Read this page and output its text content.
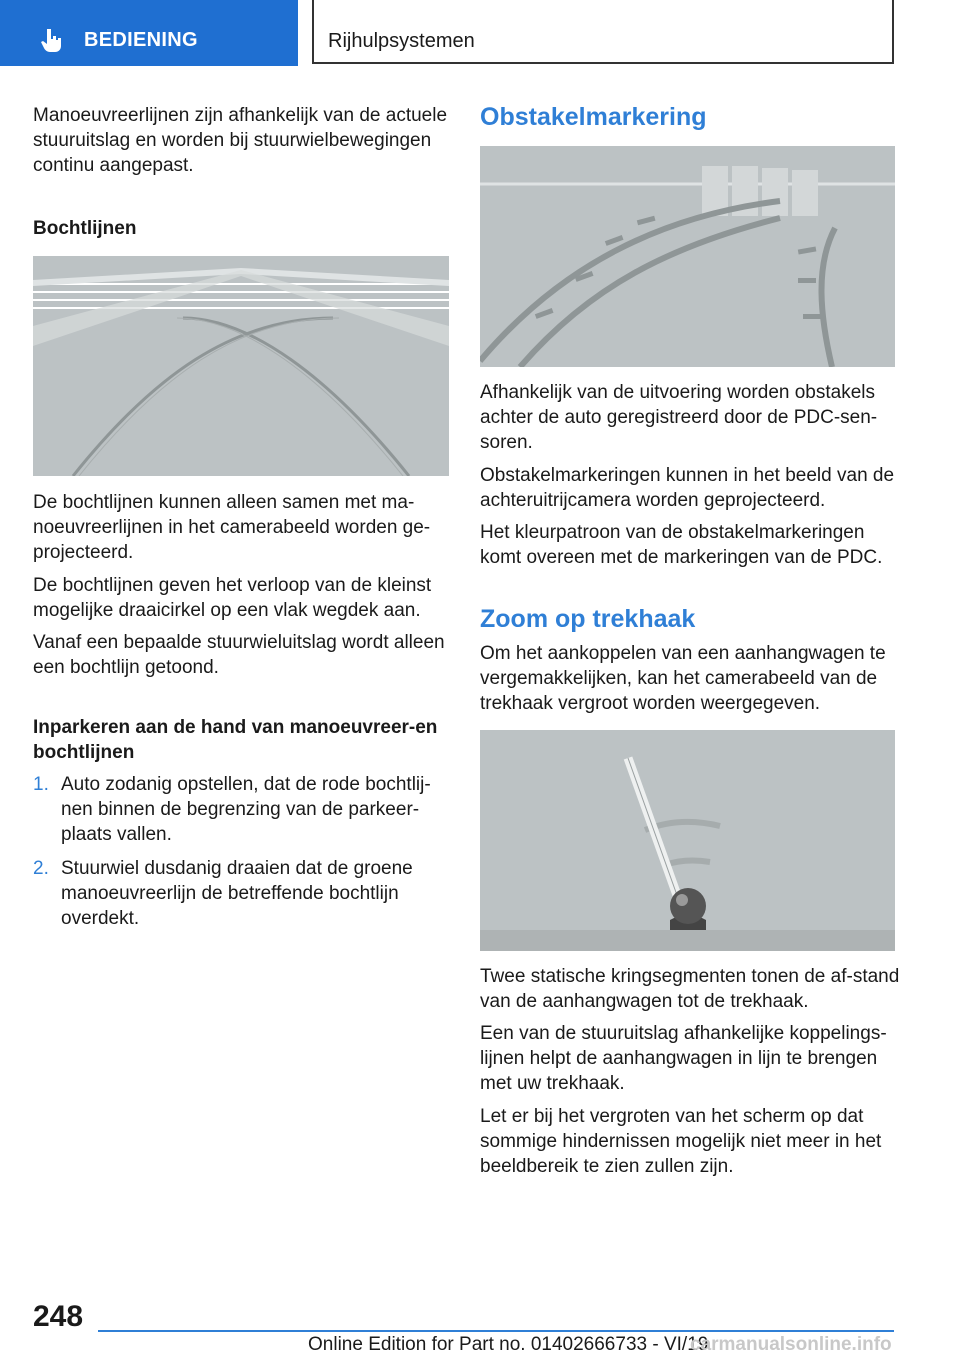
BEDIENING	Rijhulpsystemen

Manoeuvreerlijnen zijn afhankelijk van de actuele stuuruitslag en worden bij stuurwielbewegingen continu aangepast.

Bochtlijnen

De bochtlijnen kunnen alleen samen met ma-noeuvreerlijnen in het camerabeeld worden ge-projecteerd.

De bochtlijnen geven het verloop van de kleinst mogelijke draaicirkel op een vlak wegdek aan.

Vanaf een bepaalde stuurwieluitslag wordt alleen een bochtlijn getoond.

Inparkeren aan de hand van manoeuvreer-en bochtlijnen

1. Auto zodanig opstellen, dat de rode bochtlij-nen binnen de begrenzing van de parkeer-plaats vallen.
2. Stuurwiel dusdanig draaien dat de groene manoeuvreerlijn de betreffende bochtlijn overdekt.
Obstakelmarkering

Afhankelijk van de uitvoering worden obstakels achter de auto geregistreerd door de PDC-sen-soren.

Obstakelmarkeringen kunnen in het beeld van de achteruitrijcamera worden geprojecteerd.

Het kleurpatroon van de obstakelmarkeringen komt overeen met de markeringen van de PDC.

Zoom op trekhaak

Om het aankoppelen van een aanhangwagen te vergemakkelijken, kan het camerabeeld van de trekhaak vergroot worden weergegeven.

Twee statische kringsegmenten tonen de af-stand van de aanhangwagen tot de trekhaak.

Een van de stuuruitslag afhankelijke koppelings-lijnen helpt de aanhangwagen in lijn te brengen met uw trekhaak.

Let er bij het vergroten van het scherm op dat sommige hindernissen mogelijk niet meer in het beeldbereik te zien zullen zijn.

248
Online Edition for Part no. 01402666733 - VI/19
carmanualsonline.info
